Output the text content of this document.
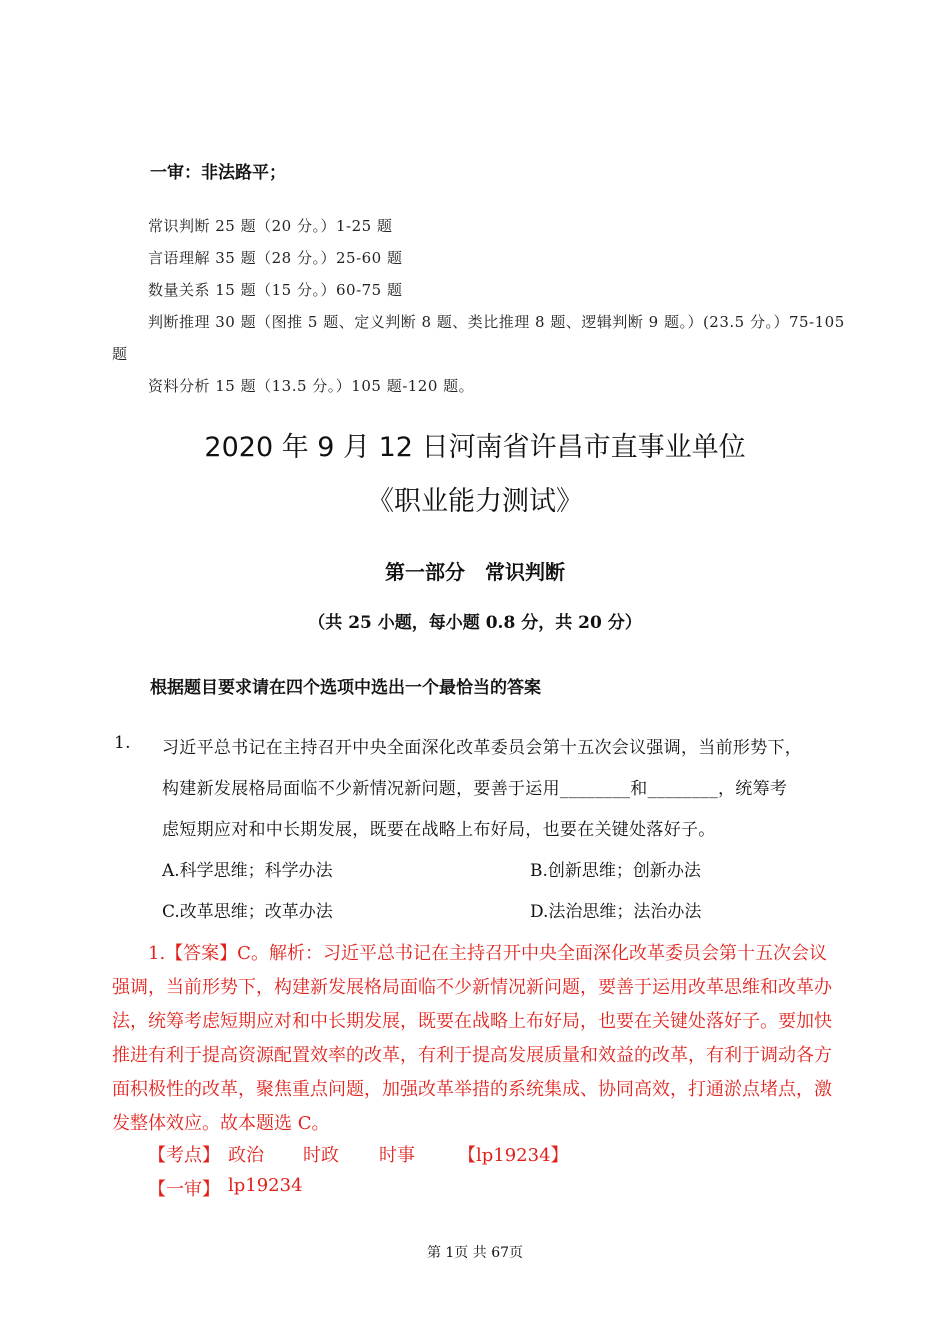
一审：非法路平；
常识判断 25 题（20 分。）1-25 题
言语理解 35 题（28 分。）25-60 题
数量关系 15 题（15 分。）60-75 题
判断推理 30 题（图推 5 题、定义判断 8 题、类比推理 8 题、逻辑判断 9 题。）(23.5 分。）75-105
题
资料分析 15 题（13.5 分。）105 题-120 题。
2020 年 9 月 12 日河南省许昌市直事业单位
《职业能力测试》
第一部分　常识判断
（共 25 小题，每小题 0.8 分，共 20 分）
根据题目要求请在四个选项中选出一个最恰当的答案
1. 习近平总书记在主持召开中央全面深化改革委员会第十五次会议强调，当前形势下，
构建新发展格局面临不少新情况新问题，要善于运用________和________，统筹考
虑短期应对和中长期发展，既要在战略上布好局，也要在关键处落好子。
A.科学思维；科学办法	B.创新思维；创新办法
C.改革思维；改革办法	D.法治思维；法治办法
1.【答案】C。解析：习近平总书记在主持召开中央全面深化改革委员会第十五次会议强调，当前形势下，构建新发展格局面临不少新情况新问题，要善于运用改革思维和改革办法，统筹考虑短期应对和中长期发展，既要在战略上布好局，也要在关键处落好子。要加快推进有利于提高资源配置效率的改革，有利于提高发展质量和效益的改革，有利于调动各方面积极性的改革，聚焦重点问题，加强改革举措的系统集成、协同高效，打通淤点堵点，激发整体效应。故本题选 C。
【考点】 政治 时政 时事 【lp19234】
【一审】 lp19234
第 1页 共 67页
